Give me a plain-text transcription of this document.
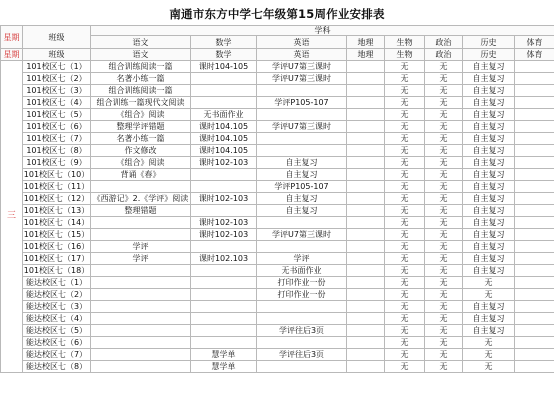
南通市东方中学七年级第15周作业安排表
星期	班级	学科							
		语文	数学	英语	地理	生物	政治	历史	体育
星期	班级	语文	数学	英语	地理	生物	政治	历史	体育
三	101校区七（1）	组合训练阅读一篇	课时104-105	学评U7第三课时		无	无	自主复习	
	101校区七（2）	名著小练一篇		学评U7第三课时		无	无	自主复习	
	101校区七（3）	组合训练阅读一篇				无	无	自主复习	
	101校区七（4）	组合训练一篇现代文阅读		学评P105-107		无	无	自主复习	
	101校区七（5）	《组合》阅读	无书面作业			无	无	自主复习	
	101校区七（6）	整理学评错题	课时104.105	学评U7第三课时		无	无	自主复习	
	101校区七（7）	名著小练一篇	课时104.105			无	无	自主复习	
	101校区七（8）	作文修改	课时104.105			无	无	自主复习	
	101校区七（9）	《组合》阅读	课时102-103	自主复习		无	无	自主复习	
	101校区七（10）	背诵《春》		自主复习		无	无	自主复习	
	101校区七（11）			学评P105-107		无	无	自主复习	
	101校区七（12）	《西游记》2.《学评》阅读	课时102-103	自主复习		无	无	自主复习	
	101校区七（13）	整理错题		自主复习		无	无	自主复习	
	101校区七（14）		课时102-103			无	无	自主复习	
	101校区七（15）		课时102-103	学评U7第三课时		无	无	自主复习	
	101校区七（16）	学评				无	无	自主复习	
	101校区七（17）	学评	课时102.103	学评		无	无	自主复习	
	101校区七（18）			无书面作业		无	无	自主复习	
	能达校区七（1）			打印作业一份		无	无	无	
	能达校区七（2）			打印作业一份		无	无	无	
	能达校区七（3）					无	无	自主复习	
	能达校区七（4）					无	无	自主复习	
	能达校区七（5）			学评往后3页		无	无	自主复习	
	能达校区七（6）					无	无	无	
	能达校区七（7）		慧学单	学评往后3页		无	无	无	
	能达校区七（8）		慧学单			无	无	无	
